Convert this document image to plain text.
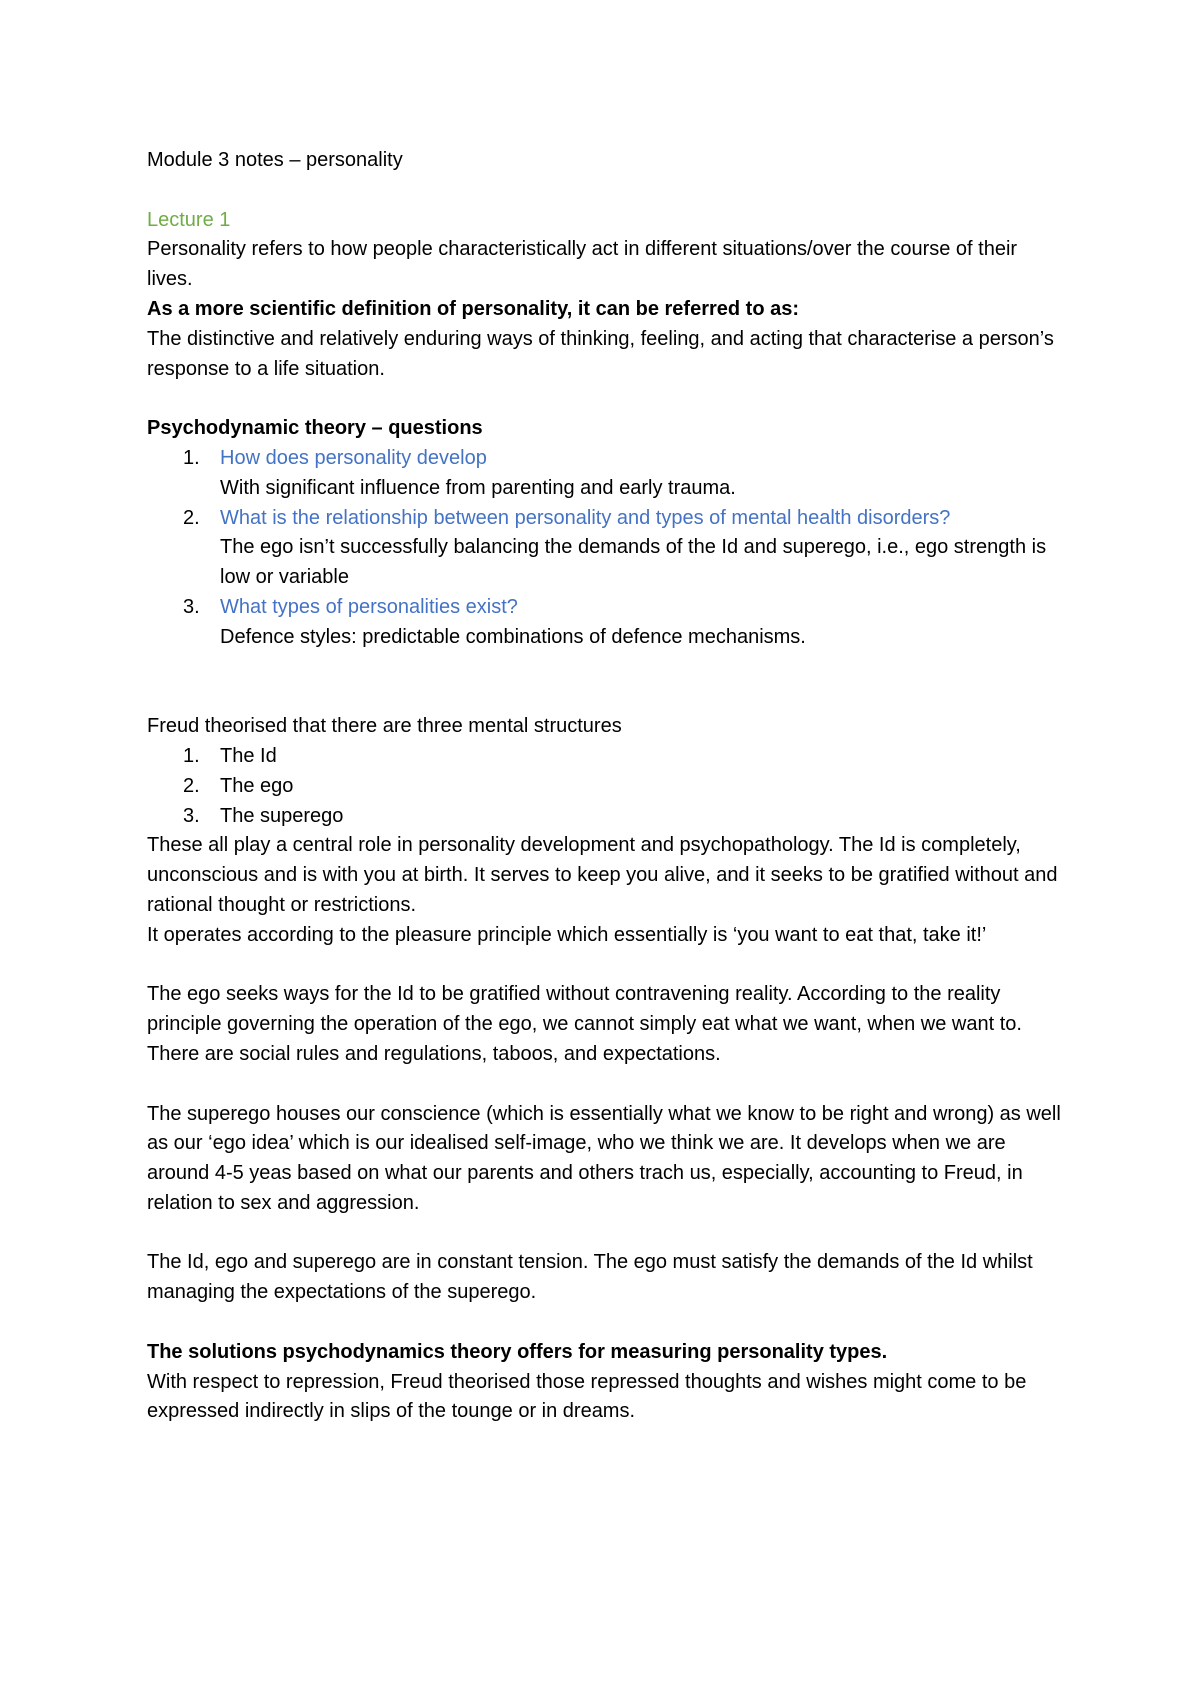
Module 3 notes – personality

Lecture 1

Personality refers to how people characteristically act in different situations/over the course of their lives.

As a more scientific definition of personality, it can be referred to as:

The distinctive and relatively enduring ways of thinking, feeling, and acting that characterise a person’s response to a life situation.

Psychodynamic theory – questions

1. How does personality develop
With significant influence from parenting and early trauma.
2. What is the relationship between personality and types of mental health disorders?
The ego isn’t successfully balancing the demands of the Id and superego, i.e., ego strength is low or variable
3. What types of personalities exist?
Defence styles: predictable combinations of defence mechanisms.

Freud theorised that there are three mental structures

1. The Id
2. The ego
3. The superego

These all play a central role in personality development and psychopathology. The Id is completely, unconscious and is with you at birth. It serves to keep you alive, and it seeks to be gratified without and rational thought or restrictions.

It operates according to the pleasure principle which essentially is ‘you want to eat that, take it!’

The ego seeks ways for the Id to be gratified without contravening reality. According to the reality principle governing the operation of the ego, we cannot simply eat what we want, when we want to. There are social rules and regulations, taboos, and expectations.

The superego houses our conscience (which is essentially what we know to be right and wrong) as well as our ‘ego idea’ which is our idealised self-image, who we think we are. It develops when we are around 4-5 yeas based on what our parents and others trach us, especially, accounting to Freud, in relation to sex and aggression.

The Id, ego and superego are in constant tension. The ego must satisfy the demands of the Id whilst managing the expectations of the superego.

The solutions psychodynamics theory offers for measuring personality types.

With respect to repression, Freud theorised those repressed thoughts and wishes might come to be expressed indirectly in slips of the tounge or in dreams.
